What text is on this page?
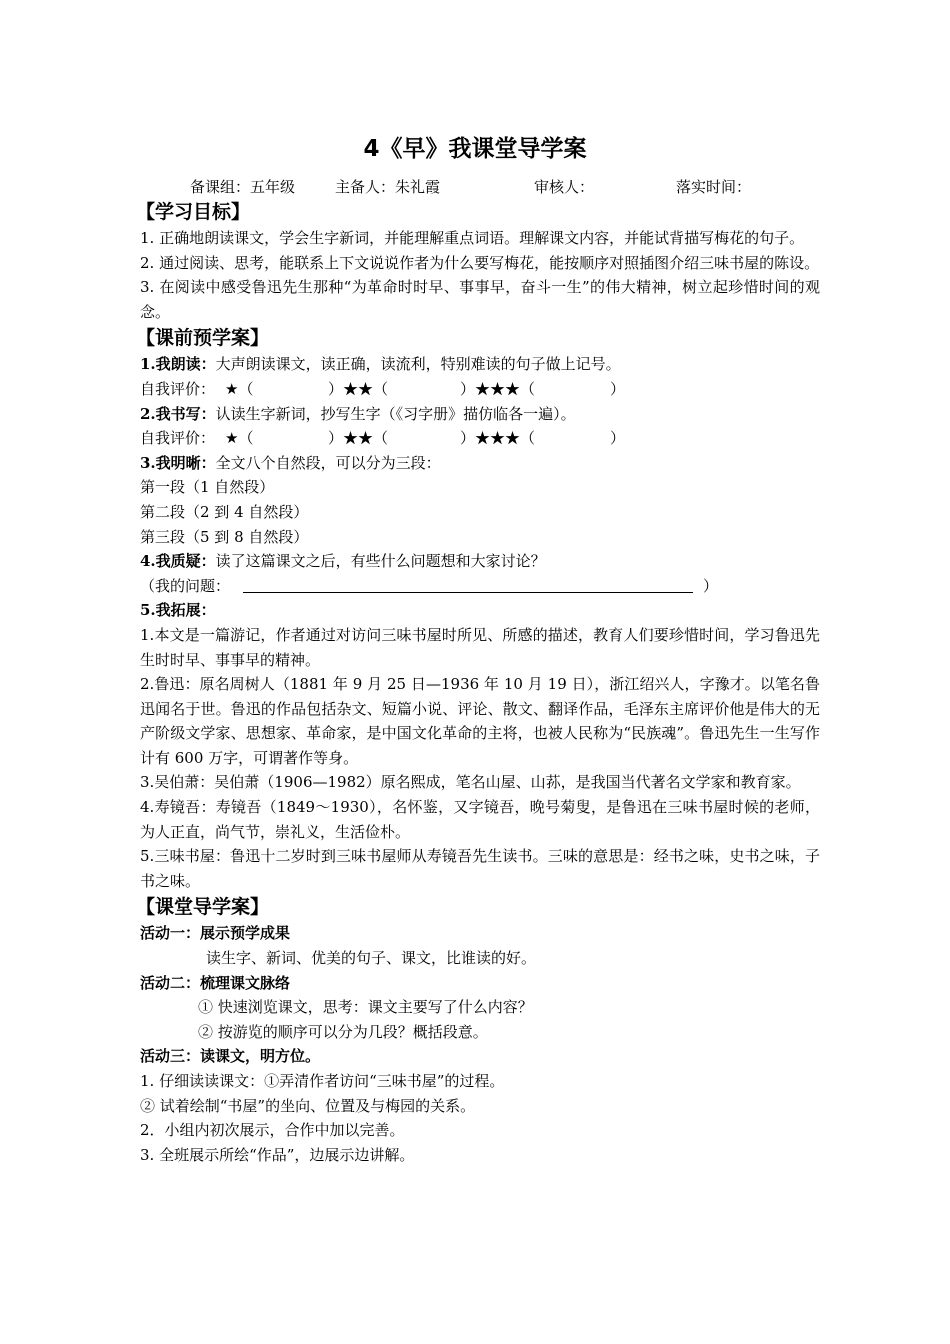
4《早》我课堂导学案
备课组：五年级	主备人：朱礼霞	审核人：	落实时间：
【学习目标】
1. 正确地朗读课文，学会生字新词，并能理解重点词语。理解课文内容，并能试背描写梅花的句子。
2. 通过阅读、思考，能联系上下文说说作者为什么要写梅花，能按顺序对照插图介绍三味书屋的陈设。
3. 在阅读中感受鲁迅先生那种“为革命时时早、事事早，奋斗一生”的伟大精神，树立起珍惜时间的观念。
【课前预学案】
1.我朗读：大声朗读课文，读正确，读流利，特别难读的句子做上记号。
自我评价： ★（	）★★（	）★★★（	）
2.我书写：认读生字新词，抄写生字（《习字册》描仿临各一遍）。
自我评价： ★（	）★★（	）★★★（	）
3.我明晰：全文八个自然段，可以分为三段：
第一段（1 自然段）
第二段（2 到 4 自然段）
第三段（5 到 8 自然段）
4.我质疑：读了这篇课文之后，有些什么问题想和大家讨论？
（我的问题：	）
5.我拓展：
1.本文是一篇游记，作者通过对访问三味书屋时所见、所感的描述，教育人们要珍惜时间，学习鲁迅先生时时早、事事早的精神。
2.鲁迅：原名周树人（1881 年 9 月 25 日—1936 年 10 月 19 日），浙江绍兴人，字豫才。以笔名鲁迅闻名于世。鲁迅的作品包括杂文、短篇小说、评论、散文、翻译作品，毛泽东主席评价他是伟大的无产阶级文学家、思想家、革命家，是中国文化革命的主将，也被人民称为“民族魂”。鲁迅先生一生写作计有 600 万字，可谓著作等身。
3.吴伯萧：吴伯萧（1906—1982）原名熙成，笔名山屋、山荪，是我国当代著名文学家和教育家。
4.寿镜吾：寿镜吾（1849～1930），名怀鉴，又字镜吾，晚号菊叟，是鲁迅在三味书屋时候的老师，为人正直，尚气节，崇礼义，生活俭朴。
5.三味书屋：鲁迅十二岁时到三味书屋师从寿镜吾先生读书。三味的意思是：经书之味，史书之味，子书之味。
【课堂导学案】
活动一：展示预学成果
读生字、新词、优美的句子、课文，比谁读的好。
活动二：梳理课文脉络
① 快速浏览课文，思考：课文主要写了什么内容？
② 按游览的顺序可以分为几段？概括段意。
活动三：读课文，明方位。
1. 仔细读读课文：①弄清作者访问“三味书屋”的过程。
② 试着绘制“书屋”的坐向、位置及与梅园的关系。
2．小组内初次展示，合作中加以完善。
3. 全班展示所绘“作品”，边展示边讲解。
